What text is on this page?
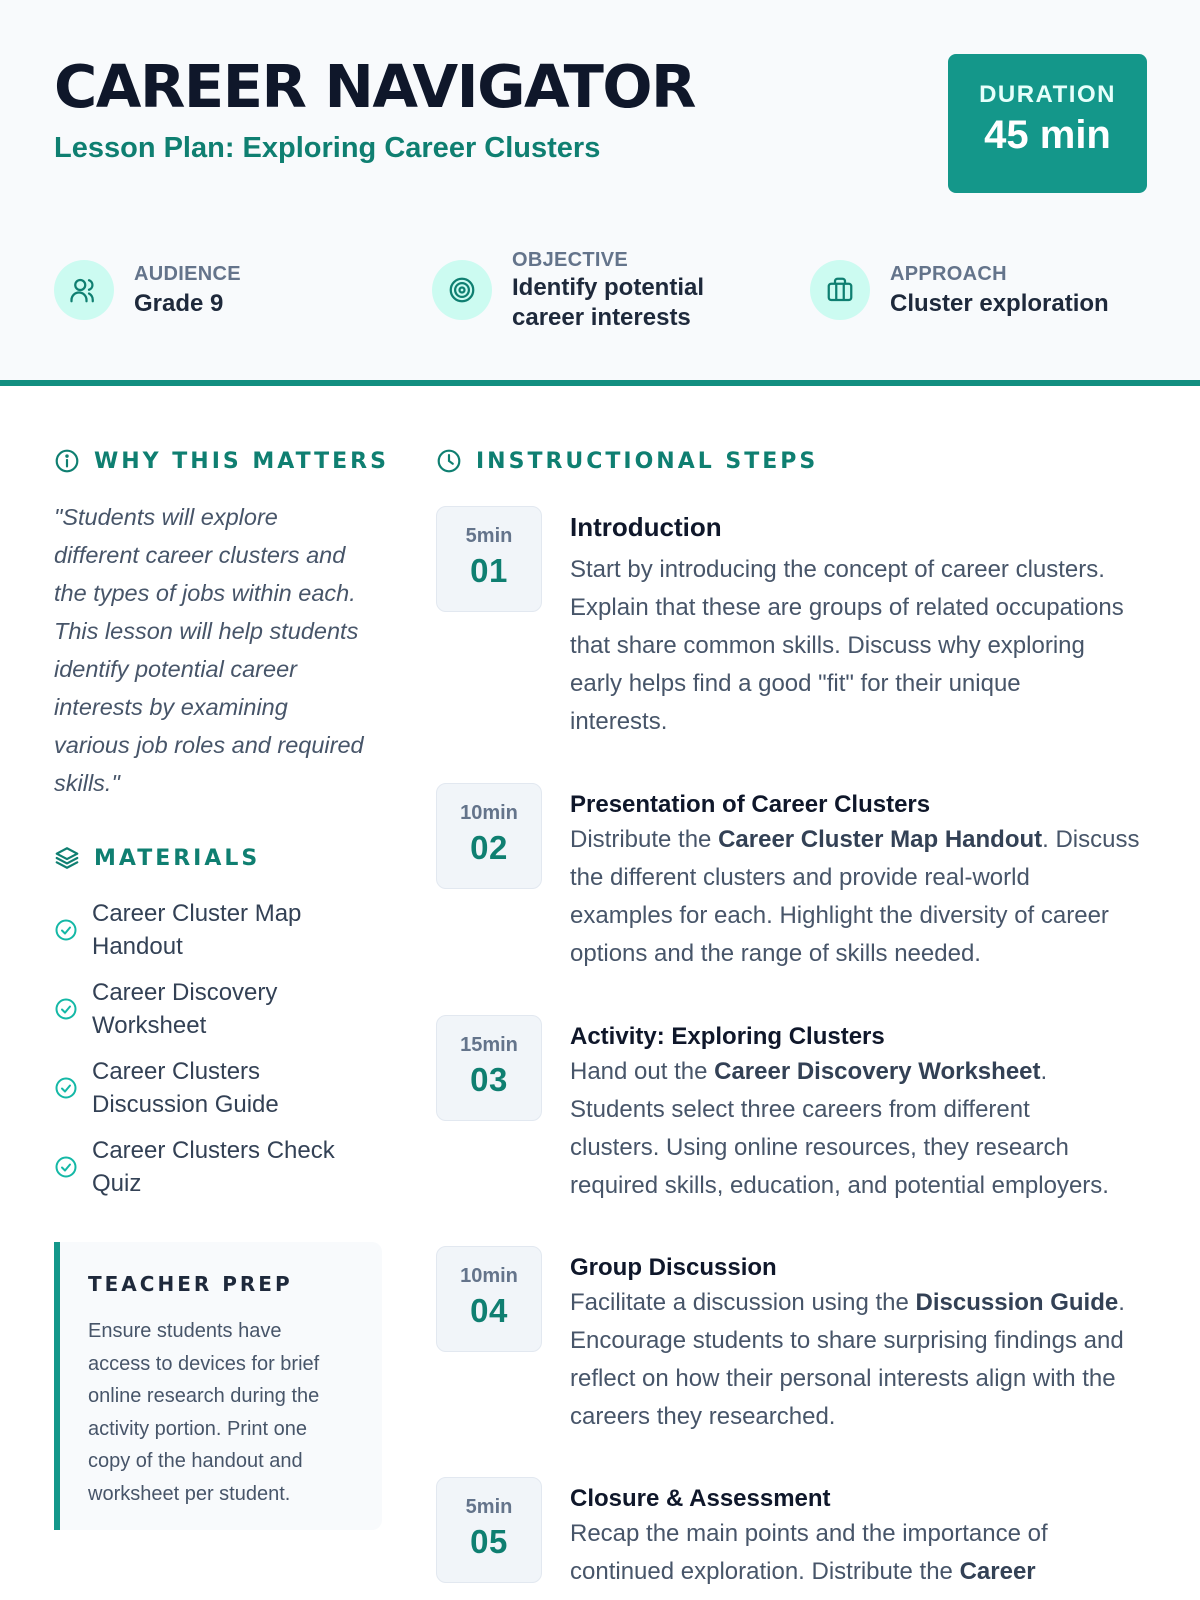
CAREER NAVIGATOR
Lesson Plan: Exploring Career Clusters
DURATION
45 min
AUDIENCE
Grade 9
OBJECTIVE
Identify potential
career interests
APPROACH
Cluster exploration
WHY THIS MATTERS
"Students will explore
different career clusters and
the types of jobs within each.
This lesson will help students
identify potential career
interests by examining
various job roles and required
skills."
MATERIALS
Career Cluster Map
Handout
Career Discovery
Worksheet
Career Clusters
Discussion Guide
Career Clusters Check
Quiz
TEACHER PREP
Ensure students have
access to devices for brief
online research during the
activity portion. Print one
copy of the handout and
worksheet per student.
INSTRUCTIONAL STEPS
5min
01
Introduction
Start by introducing the concept of career clusters.
Explain that these are groups of related occupations
that share common skills. Discuss why exploring
early helps find a good "fit" for their unique
interests.
10min
02
Presentation of Career Clusters
Distribute the Career Cluster Map Handout. Discuss
the different clusters and provide real-world
examples for each. Highlight the diversity of career
options and the range of skills needed.
15min
03
Activity: Exploring Clusters
Hand out the Career Discovery Worksheet.
Students select three careers from different
clusters. Using online resources, they research
required skills, education, and potential employers.
10min
04
Group Discussion
Facilitate a discussion using the Discussion Guide.
Encourage students to share surprising findings and
reflect on how their personal interests align with the
careers they researched.
5min
05
Closure & Assessment
Recap the main points and the importance of
continued exploration. Distribute the Career
